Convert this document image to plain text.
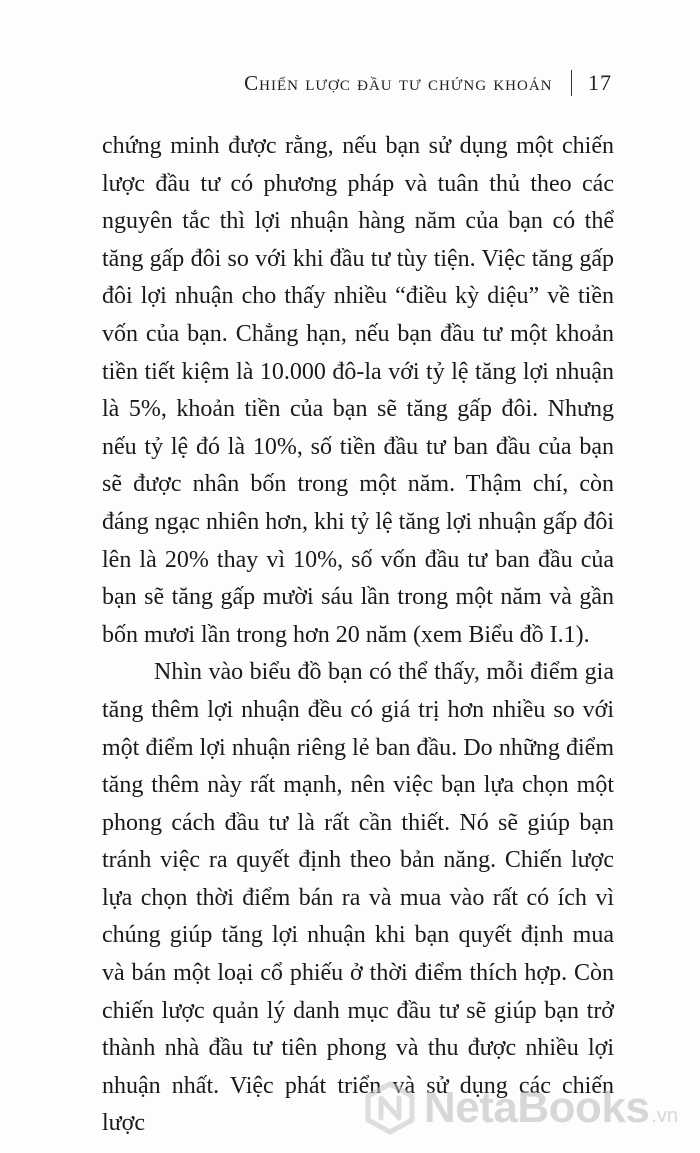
Chiến lược đầu tư chứng khoán 17

chứng minh được rằng, nếu bạn sử dụng một chiến lược đầu tư có phương pháp và tuân thủ theo các nguyên tắc thì lợi nhuận hàng năm của bạn có thể tăng gấp đôi so với khi đầu tư tùy tiện. Việc tăng gấp đôi lợi nhuận cho thấy nhiều “điều kỳ diệu” về tiền vốn của bạn. Chẳng hạn, nếu bạn đầu tư một khoản tiền tiết kiệm là 10.000 đô-la với tỷ lệ tăng lợi nhuận là 5%, khoản tiền của bạn sẽ tăng gấp đôi. Nhưng nếu tỷ lệ đó là 10%, số tiền đầu tư ban đầu của bạn sẽ được nhân bốn trong một năm. Thậm chí, còn đáng ngạc nhiên hơn, khi tỷ lệ tăng lợi nhuận gấp đôi lên là 20% thay vì 10%, số vốn đầu tư ban đầu của bạn sẽ tăng gấp mười sáu lần trong một năm và gần bốn mươi lần trong hơn 20 năm (xem Biểu đồ I.1).

Nhìn vào biểu đồ bạn có thể thấy, mỗi điểm gia tăng thêm lợi nhuận đều có giá trị hơn nhiều so với một điểm lợi nhuận riêng lẻ ban đầu. Do những điểm tăng thêm này rất mạnh, nên việc bạn lựa chọn một phong cách đầu tư là rất cần thiết. Nó sẽ giúp bạn tránh việc ra quyết định theo bản năng. Chiến lược lựa chọn thời điểm bán ra và mua vào rất có ích vì chúng giúp tăng lợi nhuận khi bạn quyết định mua và bán một loại cổ phiếu ở thời điểm thích hợp. Còn chiến lược quản lý danh mục đầu tư sẽ giúp bạn trở thành nhà đầu tư tiên phong và thu được nhiều lợi nhuận nhất. Việc phát triển và sử dụng các chiến lược	NetaBooks .vn
